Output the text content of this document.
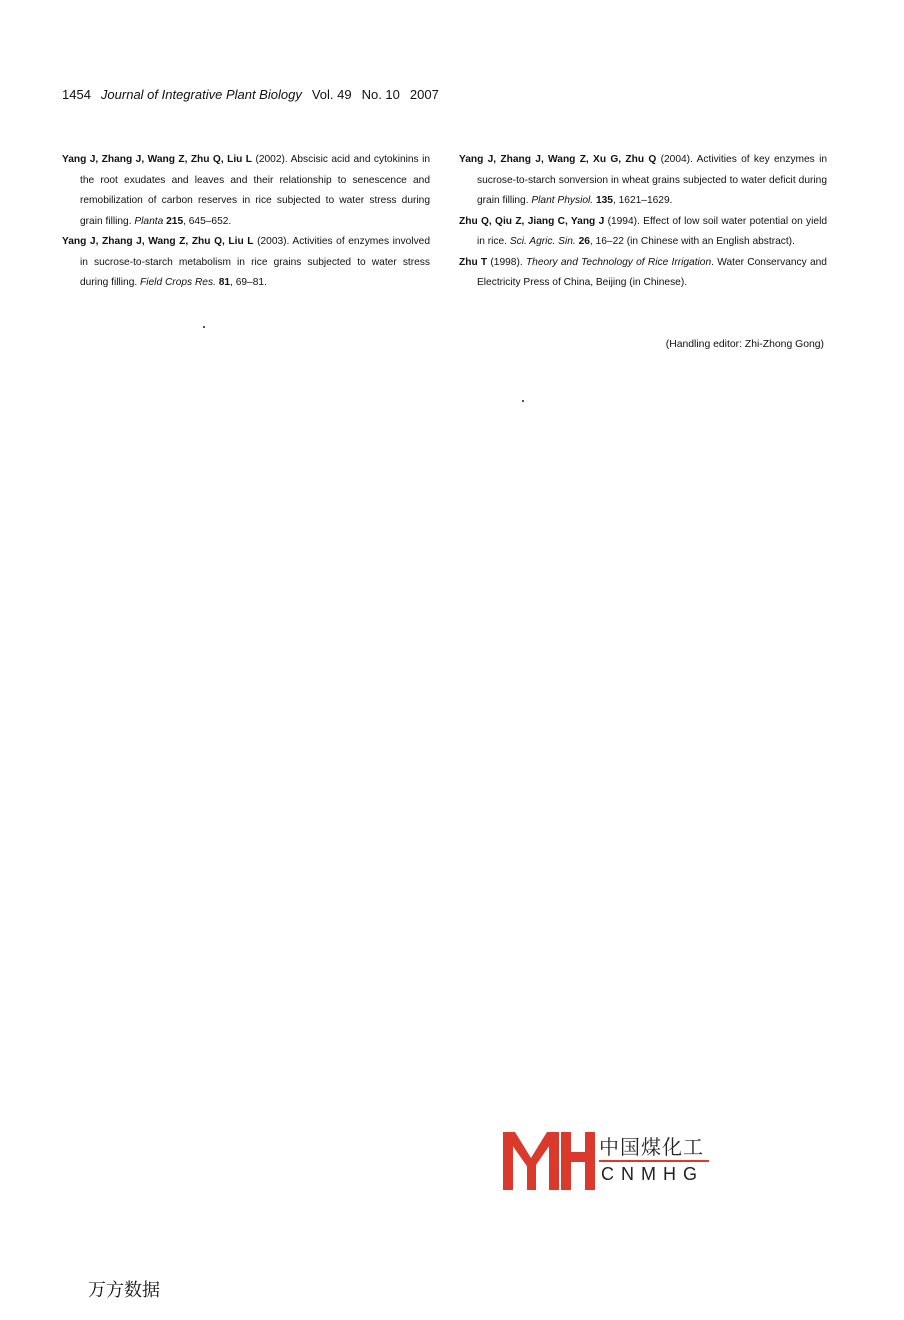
1454 Journal of Integrative Plant Biology Vol. 49 No. 10 2007

Yang J, Zhang J, Wang Z, Zhu Q, Liu L (2002). Abscisic acid and cytokinins in the root exudates and leaves and their relationship to senescence and remobilization of carbon reserves in rice subjected to water stress during grain filling. Planta 215, 645–652.

Yang J, Zhang J, Wang Z, Zhu Q, Liu L (2003). Activities of enzymes involved in sucrose-to-starch metabolism in rice grains subjected to water stress during filling. Field Crops Res. 81, 69–81.

Yang J, Zhang J, Wang Z, Xu G, Zhu Q (2004). Activities of key enzymes in sucrose-to-starch sonversion in wheat grains subjected to water deficit during grain filling. Plant Physiol. 135, 1621–1629.

Zhu Q, Qiu Z, Jiang C, Yang J (1994). Effect of low soil water potential on yield in rice. Sci. Agric. Sin. 26, 16–22 (in Chinese with an English abstract).

Zhu T (1998). Theory and Technology of Rice Irrigation. Water Conservancy and Electricity Press of China, Beijing (in Chinese).

(Handling editor: Zhi-Zhong Gong)
中国煤化工
CNMHG
万方数据
